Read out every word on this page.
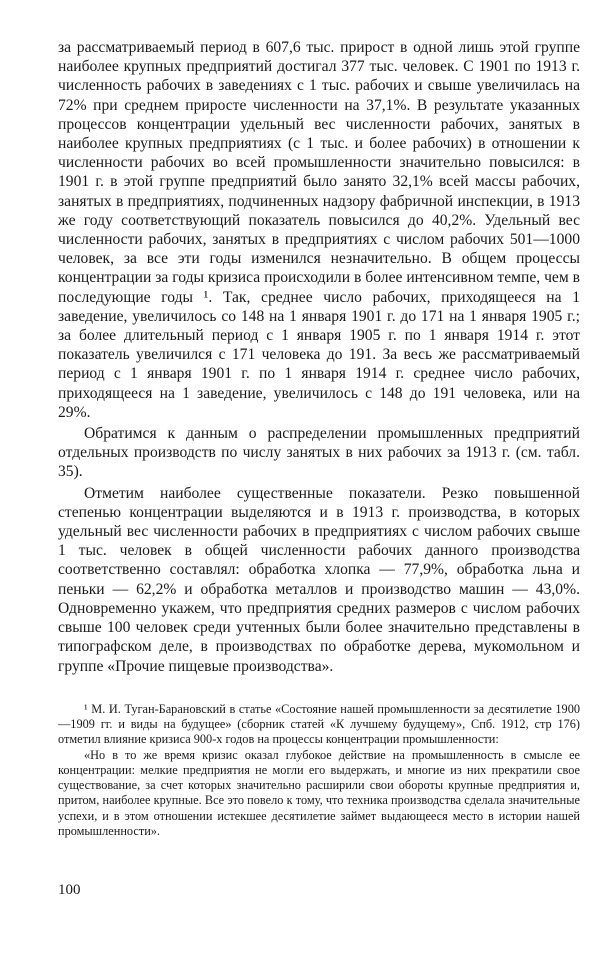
за рассматриваемый период в 607,6 тыс. прирост в одной лишь этой группе наиболее крупных предприятий достигал 377 тыс. человек. С 1901 по 1913 г. численность рабочих в заведениях с 1 тыс. рабочих и свыше увеличилась на 72% при среднем приросте численности на 37,1%. В результате указанных процессов концентрации удельный вес численности рабочих, занятых в наиболее крупных предприятиях (с 1 тыс. и более рабочих) в отношении к численности рабочих во всей промышленности значительно повысился: в 1901 г. в этой группе предприятий было занято 32,1% всей массы рабочих, занятых в предприятиях, подчиненных надзору фабричной инспекции, в 1913 же году соответствующий показатель повысился до 40,2%. Удельный вес численности рабочих, занятых в предприятиях с числом рабочих 501—1000 человек, за все эти годы изменился незначительно. В общем процессы концентрации за годы кризиса происходили в более интенсивном темпе, чем в последующие годы ¹. Так, среднее число рабочих, приходящееся на 1 заведение, увеличилось со 148 на 1 января 1901 г. до 171 на 1 января 1905 г.; за более длительный период с 1 января 1905 г. по 1 января 1914 г. этот показатель увеличился с 171 человека до 191. За весь же рассматриваемый период с 1 января 1901 г. по 1 января 1914 г. среднее число рабочих, приходящееся на 1 заведение, увеличилось с 148 до 191 человека, или на 29%.

Обратимся к данным о распределении промышленных предприятий отдельных производств по числу занятых в них рабочих за 1913 г. (см. табл. 35).

Отметим наиболее существенные показатели. Резко повышенной степенью концентрации выделяются и в 1913 г. производства, в которых удельный вес численности рабочих в предприятиях с числом рабочих свыше 1 тыс. человек в общей численности рабочих данного производства соответственно составлял: обработка хлопка — 77,9%, обработка льна и пеньки — 62,2% и обработка металлов и производство машин — 43,0%. Одновременно укажем, что предприятия средних размеров с числом рабочих свыше 100 человек среди учтенных были более значительно представлены в типографском деле, в производствах по обработке дерева, мукомольном и группе «Прочие пищевые производства».

¹ М. И. Туган-Барановский в статье «Состояние нашей промышленности за десятилетие 1900—1909 гг. и виды на будущее» (сборник статей «К лучшему будущему», Спб. 1912, стр 176) отметил влияние кризиса 900-х годов на процессы концентрации промышленности:

«Но в то же время кризис оказал глубокое действие на промышленность в смысле ее концентрации: мелкие предприятия не могли его выдержать, и многие из них прекратили свое существование, за счет которых значительно расширили свои обороты крупные предприятия и, притом, наиболее крупные. Все это повело к тому, что техника производства сделала значительные успехи, и в этом отношении истекшее десятилетие займет выдающееся место в истории нашей промышленности».

100
